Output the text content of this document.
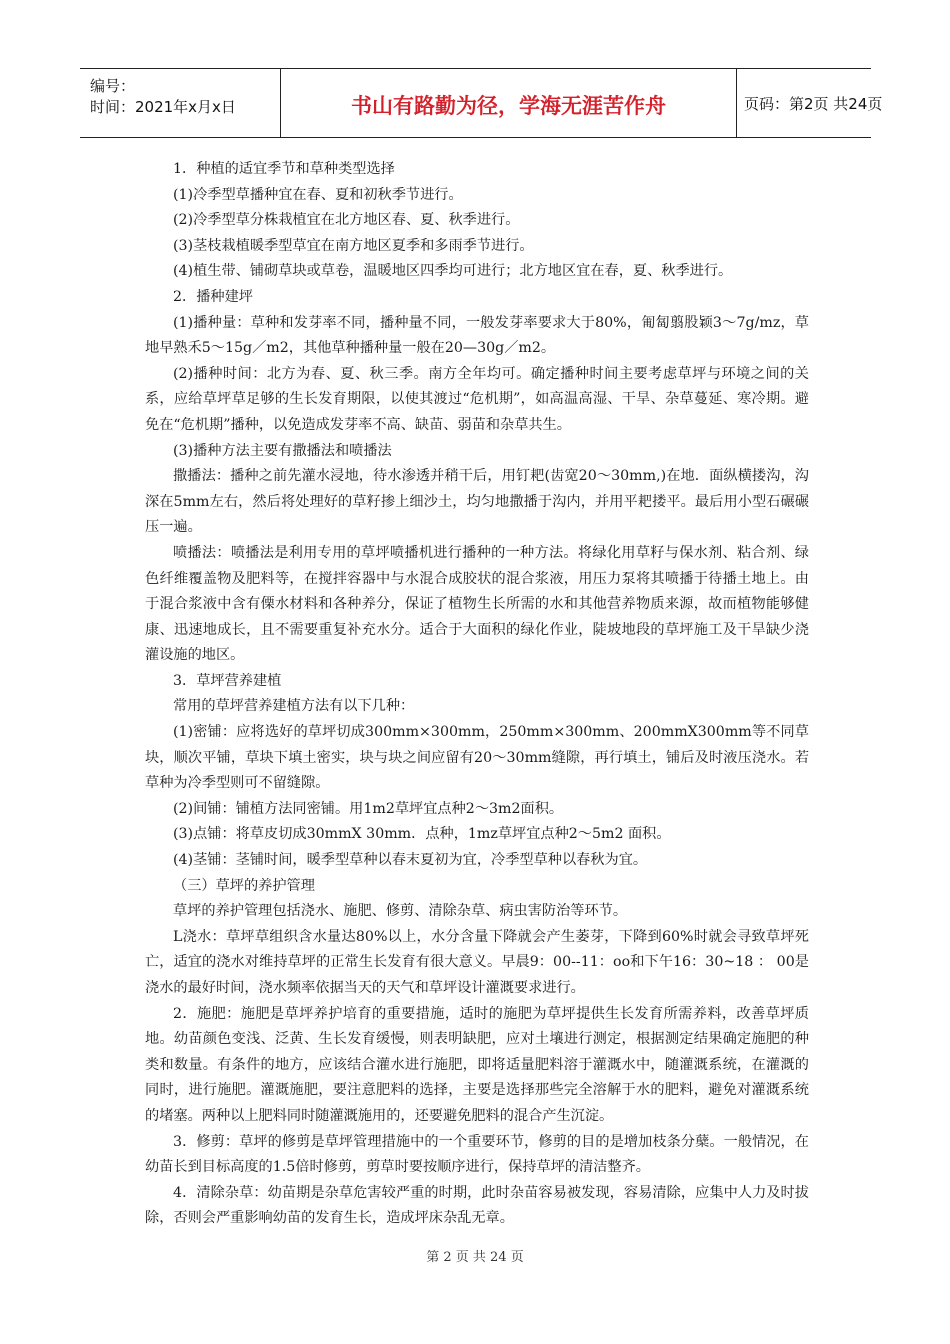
编号：
时间：2021年x月x日	书山有路勤为径，学海无涯苦作舟	页码：第2页 共24页

1．种植的适宜季节和草种类型选择

(1)冷季型草播种宜在春、夏和初秋季节进行。

(2)冷季型草分株栽植宜在北方地区春、夏、秋季进行。

(3)茎枝栽植暖季型草宜在南方地区夏季和多雨季节进行。

(4)植生带、铺砌草块或草卷，温暖地区四季均可进行；北方地区宜在春，夏、秋季进行。

2．播种建坪

(1)播种量：草种和发芽率不同，播种量不同，一般发芽率要求大于80%，匍匐翦股颖3～7g/mz，草地早熟禾5～15g／m2，其他草种播种量一般在20—30g／m2。

(2)播种时间：北方为春、夏、秋三季。南方全年均可。确定播种时间主要考虑草坪与环境之间的关系，应给草坪草足够的生长发育期限，以使其渡过“危机期”，如高温高湿、干旱、杂草蔓延、寒冷期。避免在“危机期”播种，以免造成发芽率不高、缺苗、弱苗和杂草共生。

(3)播种方法主要有撒播法和喷播法

撒播法：播种之前先灌水浸地，待水渗透并稍干后，用钉耙(齿宽20～30mm,)在地．面纵横搂沟，沟深在5mm左右，然后将处理好的草籽掺上细沙土，均匀地撒播于沟内，并用平耙搂平。最后用小型石碾碾压一遍。

喷播法：喷播法是利用专用的草坪喷播机进行播种的一种方法。将绿化用草籽与保水剂、粘合剂、绿色纤维覆盖物及肥料等，在搅拌容器中与水混合成胶状的混合浆液，用压力泵将其喷播于待播土地上。由于混合浆液中含有傈水材料和各种养分，保证了植物生长所需的水和其他营养物质来源，故而植物能够健康、迅速地成长，且不需要重复补充水分。适合于大面积的绿化作业，陡坡地段的草坪施工及干旱缺少浇灌设施的地区。

3．草坪营养建植

常用的草坪营养建植方法有以下几种：

(1)密铺：应将选好的草坪切成300mm×300mm，250mm×300mm、200mmX300mm等不同草块，顺次平铺，草块下填土密实，块与块之间应留有20～30mm缝隙，再行填土，铺后及时液压浇水。若草种为冷季型则可不留缝隙。

(2)间铺：铺植方法同密铺。用1m2草坪宜点种2～3m2面积。

(3)点铺：将草皮切成30mmX 30mm．点种，1mz草坪宜点种2～5m2 面积。

(4)茎铺：茎铺时间，暖季型草种以春末夏初为宜，冷季型草种以春秋为宜。

（三）草坪的养护管理

草坪的养护管理包括浇水、施肥、修剪、清除杂草、病虫害防治等环节。

L浇水：草坪草组织含水量达80%以上，水分含量下降就会产生萎芽，下降到60%时就会寻致草坪死亡，适宜的浇水对维持草坪的正常生长发育有很大意义。早晨9：00--11：oo和下午16：30~18 ： 00是浇水的最好时间，浇水频率依据当天的天气和草坪设计灌溉要求进行。

2．施肥：施肥是草坪养护培育的重要措施，适时的施肥为草坪提供生长发育所需养料，改善草坪质地。幼苗颜色变浅、泛黄、生长发育缓慢，则表明缺肥，应对土壤进行测定，根据测定结果确定施肥的种类和数量。有条件的地方，应该结合灌水进行施肥，即将适量肥料溶于灌溉水中，随灌溉系统，在灌溉的同时，进行施肥。灌溉施肥，要注意肥料的选择，主要是选择那些完全溶解于水的肥料，避免对灌溉系统的堵塞。两种以上肥料同时随灌溉施用的，还要避免肥料的混合产生沉淀。

3．修剪：草坪的修剪是草坪管理措施中的一个重要环节，修剪的目的是增加枝条分蘖。一般情况，在幼苗长到目标高度的1.5倍时修剪，剪草时要按顺序进行，保持草坪的清洁整齐。

4．清除杂草：幼苗期是杂草危害较严重的时期，此时杂苗容易被发现，容易清除，应集中人力及时拔除，否则会严重影响幼苗的发育生长，造成坪床杂乱无章。

第 2 页 共 24 页
